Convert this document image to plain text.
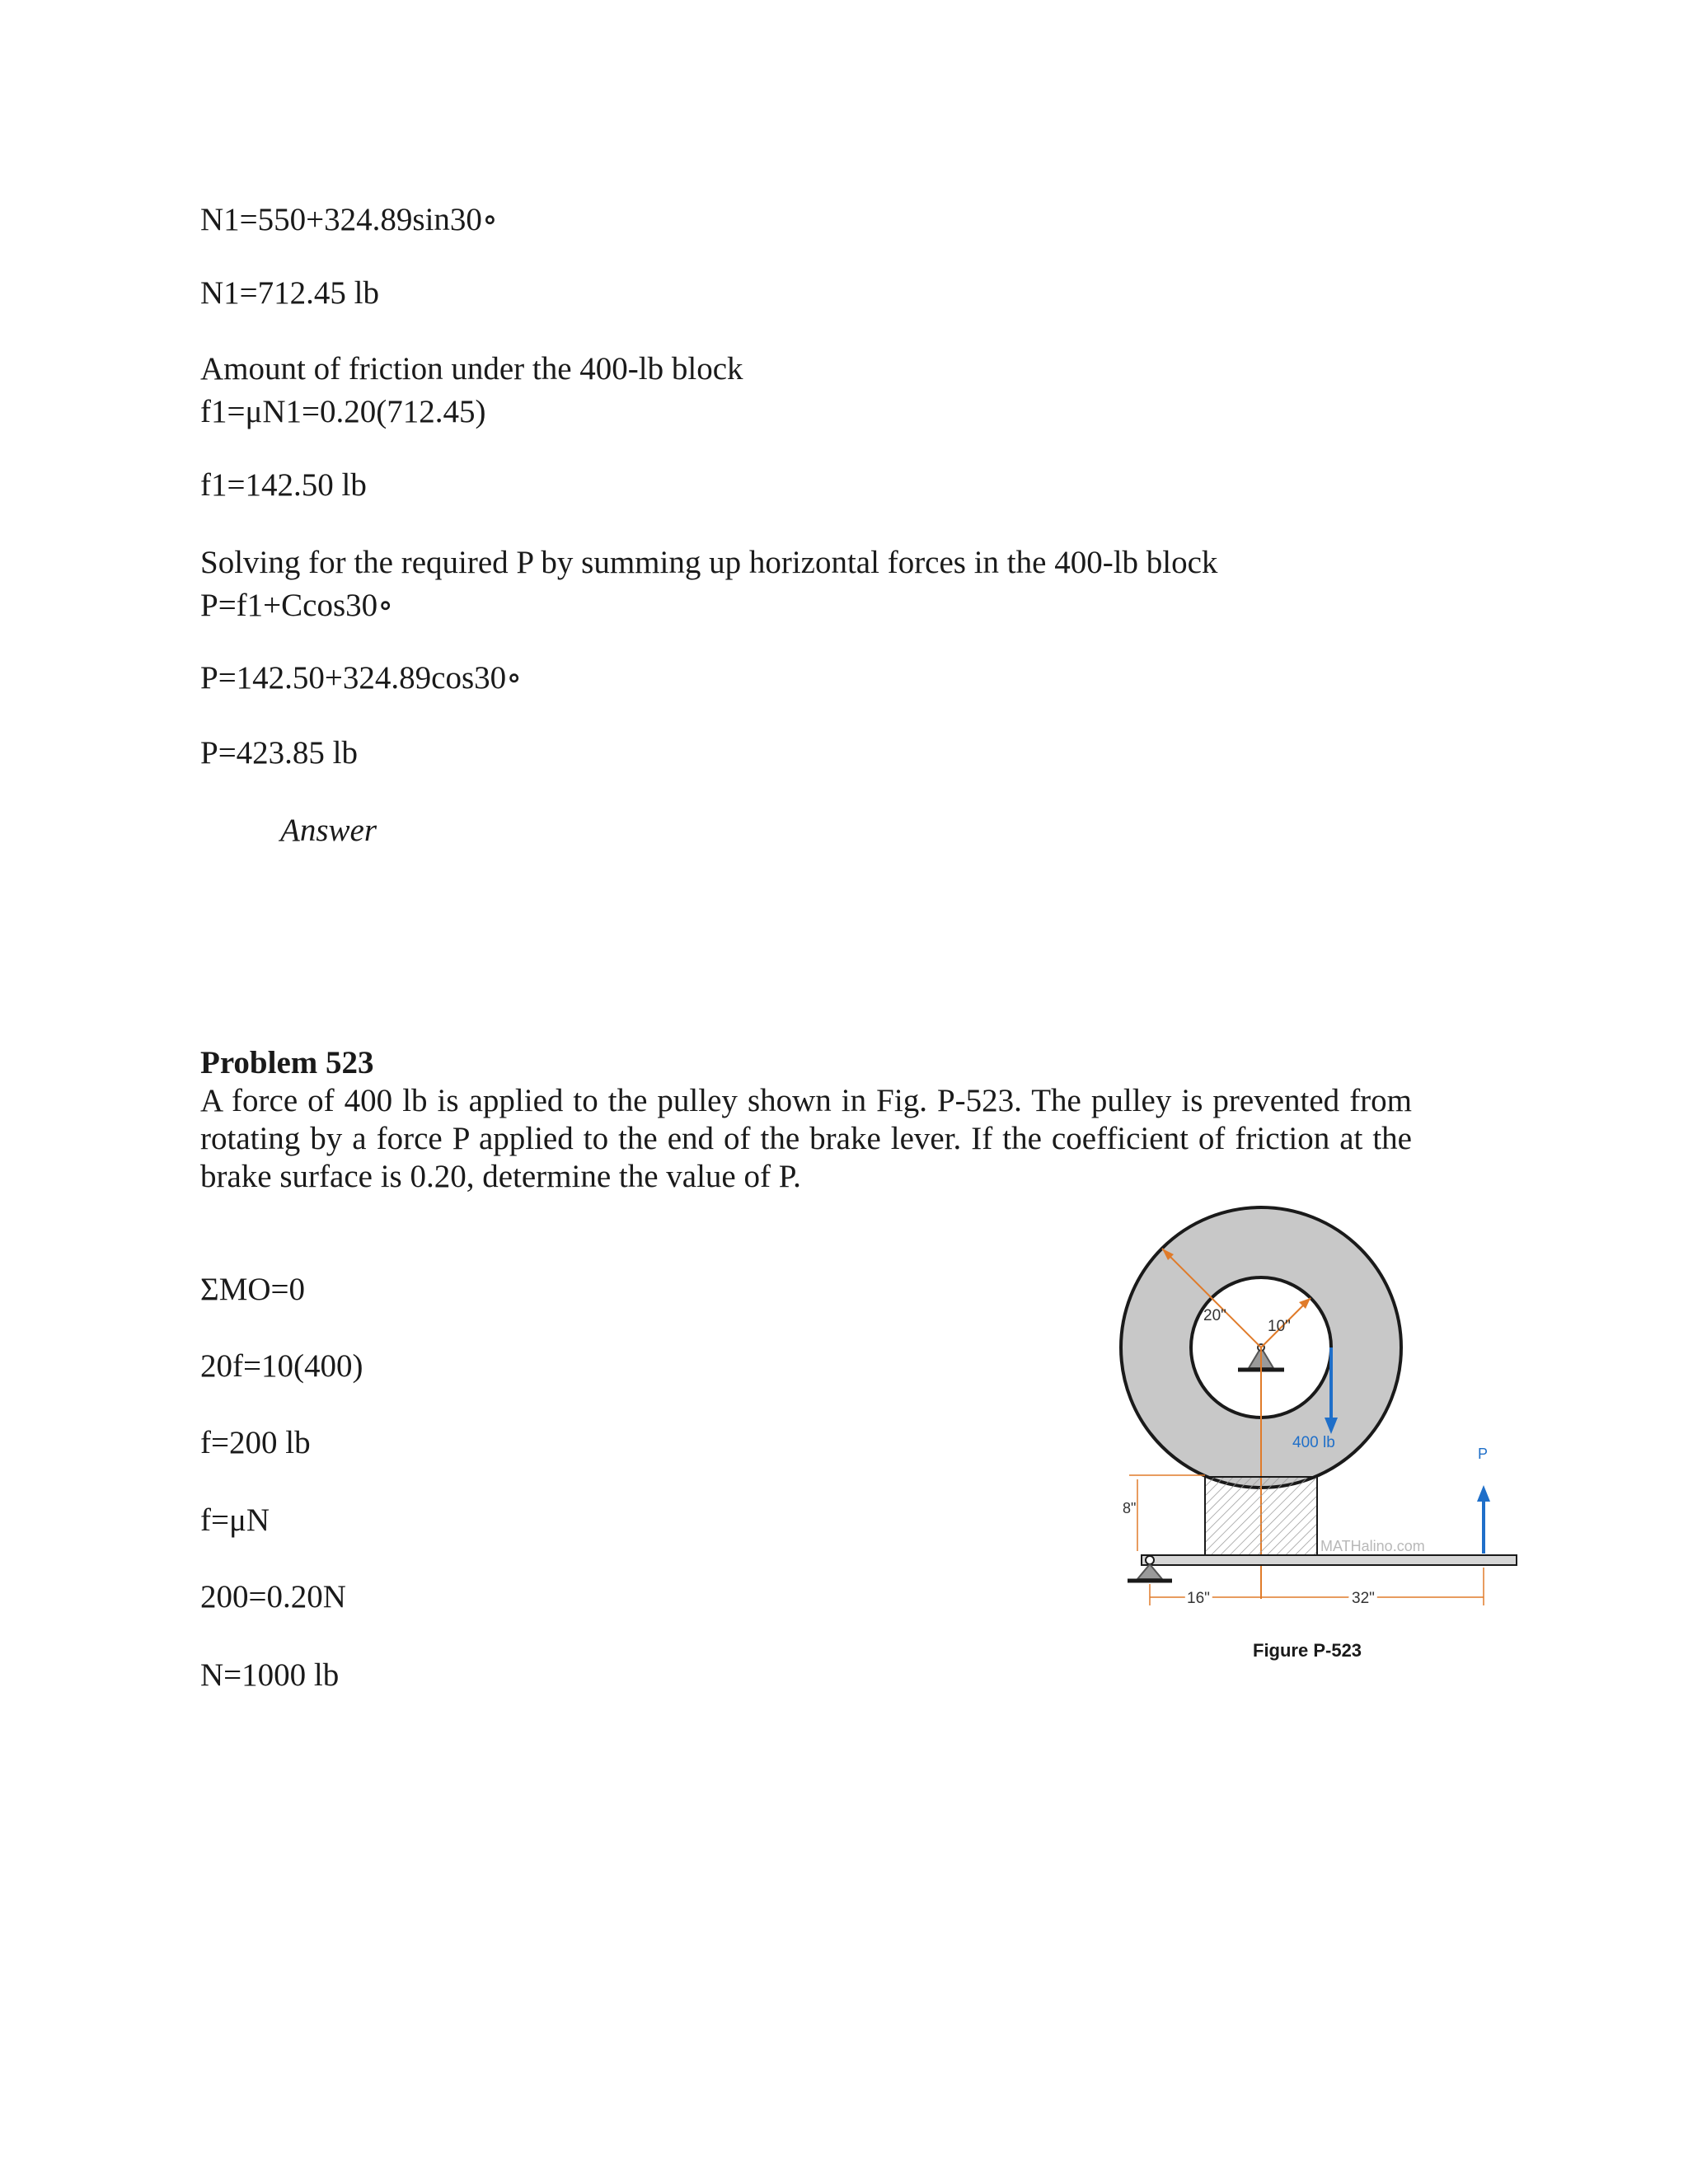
N1=550+324.89sin30∘
N1=712.45 lb
Amount of friction under the 400-lb block
f1=μN1=0.20(712.45)
f1=142.50 lb
Solving for the required P by summing up horizontal forces in the 400-lb block
P=f1+Ccos30∘
P=142.50+324.89cos30∘
P=423.85 lb
Answer
Problem 523
A force of 400 lb is applied to the pulley shown in Fig. P-523. The pulley is prevented from rotating by a force P applied to the end of the brake lever. If the coefficient of friction at the brake surface is 0.20, determine the value of P.
ΣMO=0
20f=10(400)
f=200 lb
f=μN
200=0.20N
N=1000 lb
20"
10"
400 lb
8"
MATHalino.com
P
16"	32"
Figure P-523
